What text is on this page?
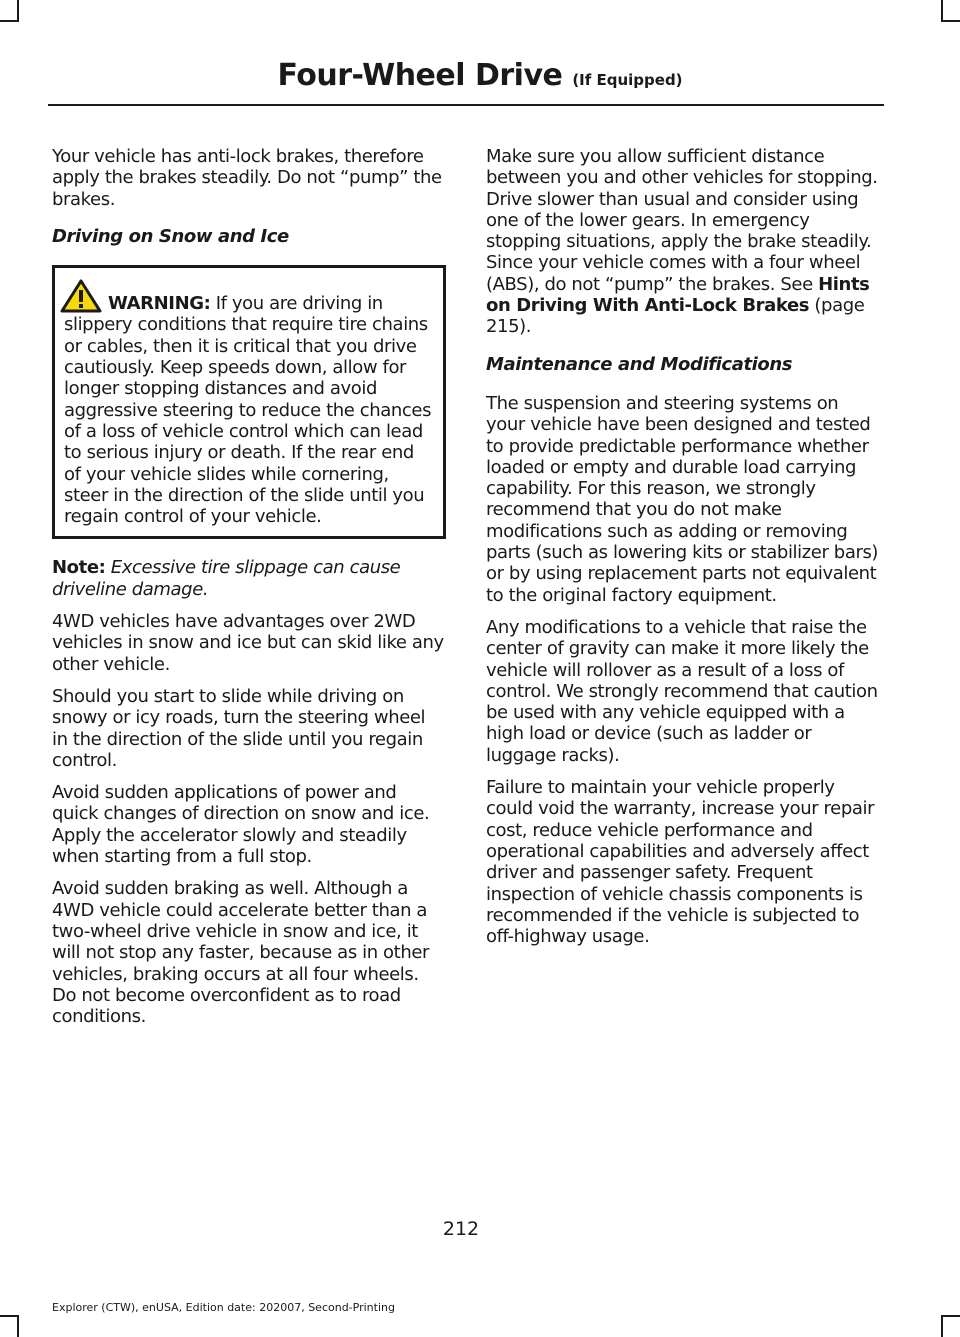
Four-Wheel Drive (If Equipped)

Your vehicle has anti-lock brakes, therefore apply the brakes steadily. Do not “pump” the brakes.

Driving on Snow and Ice

WARNING: If you are driving in slippery conditions that require tire chains or cables, then it is critical that you drive cautiously. Keep speeds down, allow for longer stopping distances and avoid aggressive steering to reduce the chances of a loss of vehicle control which can lead to serious injury or death. If the rear end of your vehicle slides while cornering, steer in the direction of the slide until you regain control of your vehicle.

Note: Excessive tire slippage can cause driveline damage.

4WD vehicles have advantages over 2WD vehicles in snow and ice but can skid like any other vehicle.

Should you start to slide while driving on snowy or icy roads, turn the steering wheel in the direction of the slide until you regain control.

Avoid sudden applications of power and quick changes of direction on snow and ice. Apply the accelerator slowly and steadily when starting from a full stop.

Avoid sudden braking as well. Although a 4WD vehicle could accelerate better than a two-wheel drive vehicle in snow and ice, it will not stop any faster, because as in other vehicles, braking occurs at all four wheels. Do not become overconfident as to road conditions.

Make sure you allow sufficient distance between you and other vehicles for stopping. Drive slower than usual and consider using one of the lower gears. In emergency stopping situations, apply the brake steadily. Since your vehicle comes with a four wheel (ABS), do not “pump” the brakes. See Hints on Driving With Anti-Lock Brakes (page 215).

Maintenance and Modifications

The suspension and steering systems on your vehicle have been designed and tested to provide predictable performance whether loaded or empty and durable load carrying capability. For this reason, we strongly recommend that you do not make modifications such as adding or removing parts (such as lowering kits or stabilizer bars) or by using replacement parts not equivalent to the original factory equipment.

Any modifications to a vehicle that raise the center of gravity can make it more likely the vehicle will rollover as a result of a loss of control. We strongly recommend that caution be used with any vehicle equipped with a high load or device (such as ladder or luggage racks).

Failure to maintain your vehicle properly could void the warranty, increase your repair cost, reduce vehicle performance and operational capabilities and adversely affect driver and passenger safety. Frequent inspection of vehicle chassis components is recommended if the vehicle is subjected to off-highway usage.

212
Explorer (CTW), enUSA, Edition date: 202007, Second-Printing
